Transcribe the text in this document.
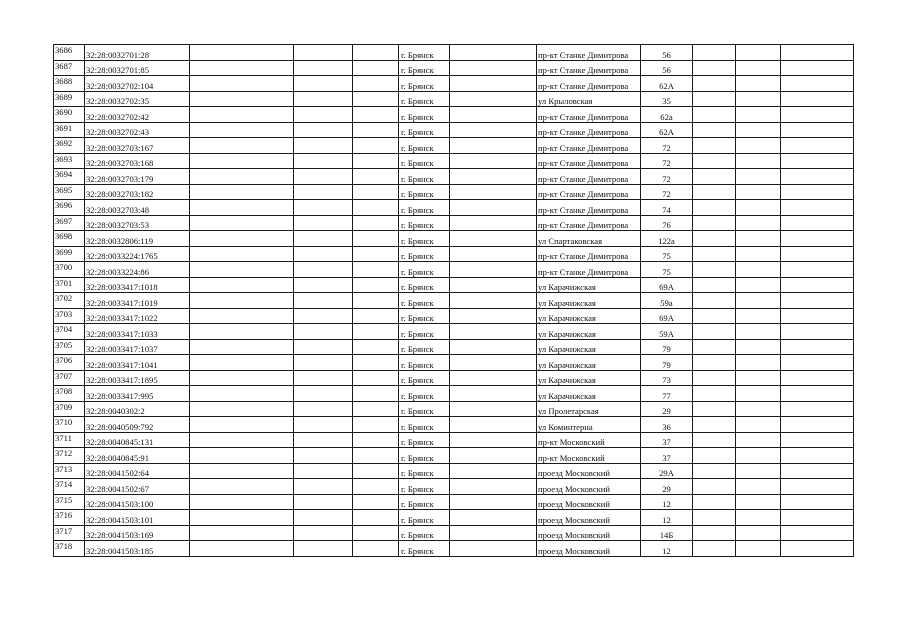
3686	32:28:0032701:28				г. Брянск		пр-кт Станке Димитрова	56			
3687	32:28:0032701:85				г. Брянск		пр-кт Станке Димитрова	56			
3688	32:28:0032702:104				г. Брянск		пр-кт Станке Димитрова	62А			
3689	32:28:0032702:35				г. Брянск		ул Крыловская	35			
3690	32:28:0032702:42				г. Брянск		пр-кт Станке Димитрова	62а			
3691	32:28:0032702:43				г. Брянск		пр-кт Станке Димитрова	62А			
3692	32:28:0032703:167				г. Брянск		пр-кт Станке Димитрова	72			
3693	32:28:0032703:168				г. Брянск		пр-кт Станке Димитрова	72			
3694	32:28:0032703:179				г. Брянск		пр-кт Станке Димитрова	72			
3695	32:28:0032703:182				г. Брянск		пр-кт Станке Димитрова	72			
3696	32:28:0032703:48				г. Брянск		пр-кт Станке Димитрова	74			
3697	32:28:0032703:53				г. Брянск		пр-кт Станке Димитрова	76			
3698	32:28:0032806:119				г. Брянск		ул Спартаковская	122а			
3699	32:28:0033224:1765				г. Брянск		пр-кт Станке Димитрова	75			
3700	32:28:0033224:86				г. Брянск		пр-кт Станке Димитрова	75			
3701	32:28:0033417:1018				г. Брянск		ул Карачижская	69А			
3702	32:28:0033417:1019				г. Брянск		ул Карачижская	59а			
3703	32:28:0033417:1022				г. Брянск		ул Карачижская	69А			
3704	32:28:0033417:1033				г. Брянск		ул Карачижская	59А			
3705	32:28:0033417:1037				г. Брянск		ул Карачижская	79			
3706	32:28:0033417:1041				г. Брянск		ул Карачижская	79			
3707	32:28:0033417:1895				г. Брянск		ул Карачижская	73			
3708	32:28:0033417:995				г. Брянск		ул Карачижская	77			
3709	32:28:0040302:2				г. Брянск		ул Пролетарская	29			
3710	32:28:0040509:792				г. Брянск		ул Коминтерна	36			
3711	32:28:0040845:131				г. Брянск		пр-кт Московский	37			
3712	32:28:0040845:91				г. Брянск		пр-кт Московский	37			
3713	32:28:0041502:64				г. Брянск		проезд Московский	29А			
3714	32:28:0041502:67				г. Брянск		проезд Московский	29			
3715	32:28:0041503:100				г. Брянск		проезд Московский	12			
3716	32:28:0041503:101				г. Брянск		проезд Московский	12			
3717	32:28:0041503:169				г. Брянск		проезд Московский	14Б			
3718	32:28:0041503:185				г. Брянск		проезд Московский	12			
